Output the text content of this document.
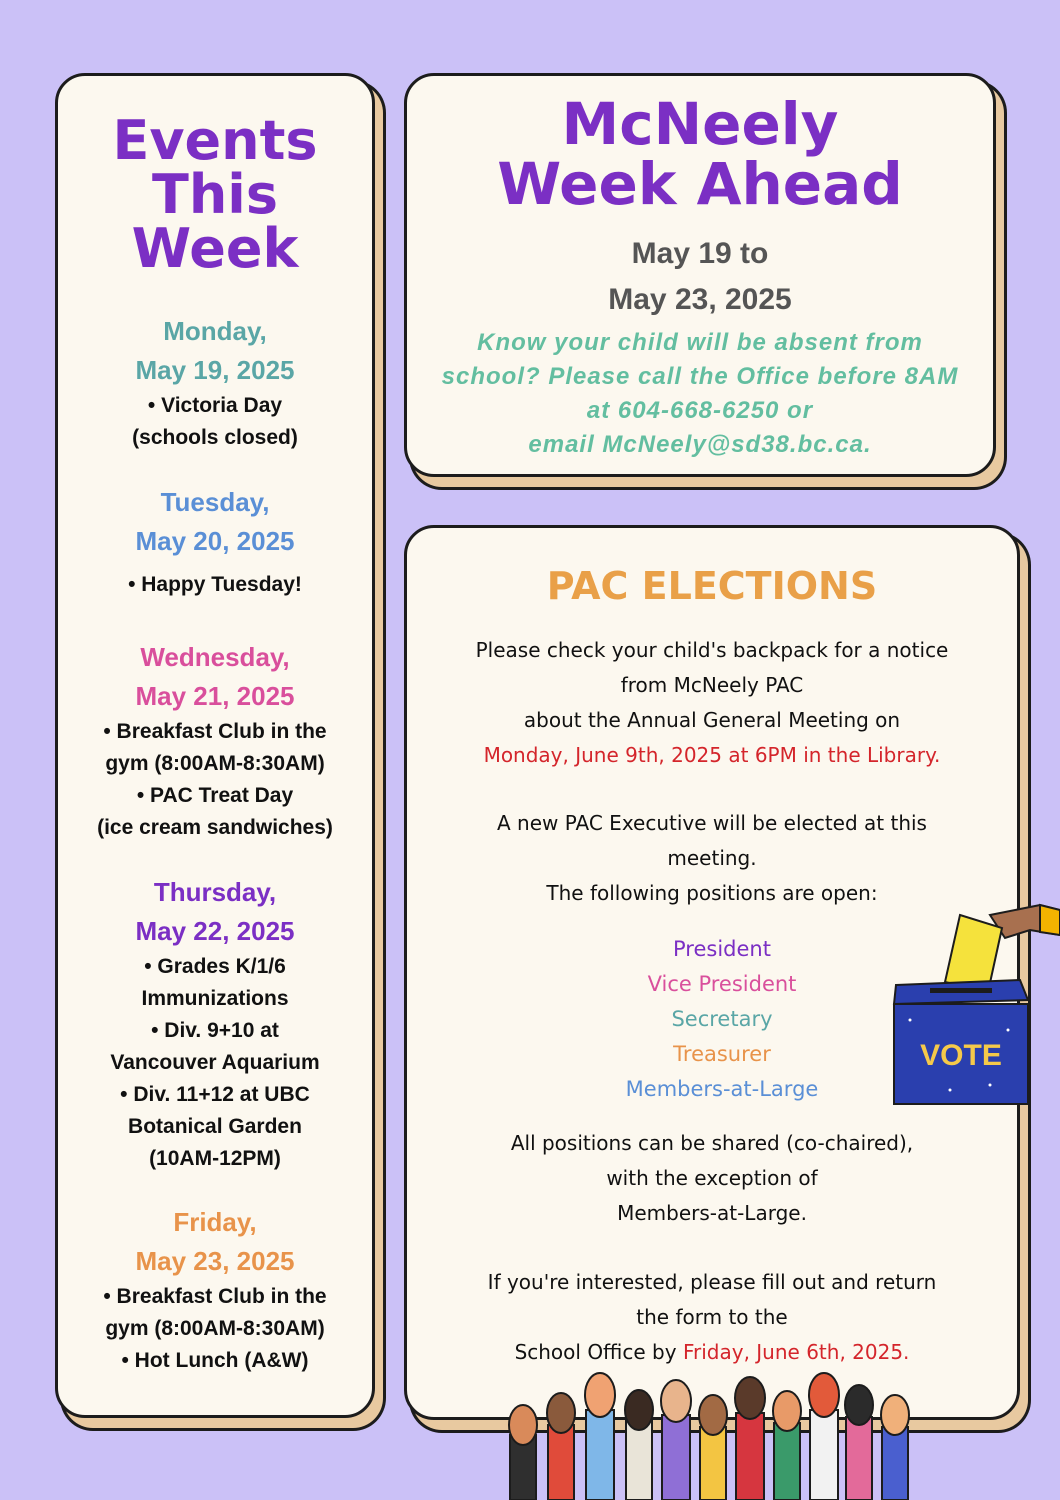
Events
This
Week
Monday,
May 19, 2025
• Victoria Day
(schools closed)
Tuesday,
May 20, 2025
• Happy Tuesday!
Wednesday,
May 21, 2025
• Breakfast Club in the
gym (8:00AM-8:30AM)
• PAC Treat Day
(ice cream sandwiches)
Thursday,
May 22, 2025
• Grades K/1/6
Immunizations
• Div. 9+10 at
Vancouver Aquarium
• Div. 11+12 at UBC
Botanical Garden
(10AM-12PM)
Friday,
May 23, 2025
• Breakfast Club in the
gym (8:00AM-8:30AM)
• Hot Lunch (A&W)
McNeely
Week Ahead
May 19 to
May 23, 2025
Know your child will be absent from
school? Please call the Office before 8AM
at 604-668-6250 or
email McNeely@sd38.bc.ca.
PAC ELECTIONS
Please check your child's backpack for a notice
from McNeely PAC
about the Annual General Meeting on
Monday, June 9th, 2025 at 6PM in the Library.
A new PAC Executive will be elected at this
meeting.
The following positions are open:
President
Vice President
Secretary
Treasurer
Members-at-Large
All positions can be shared (co-chaired),
with the exception of
Members-at-Large.
If you're interested, please fill out and return
the form to the
School Office by Friday, June 6th, 2025.
VOTE
